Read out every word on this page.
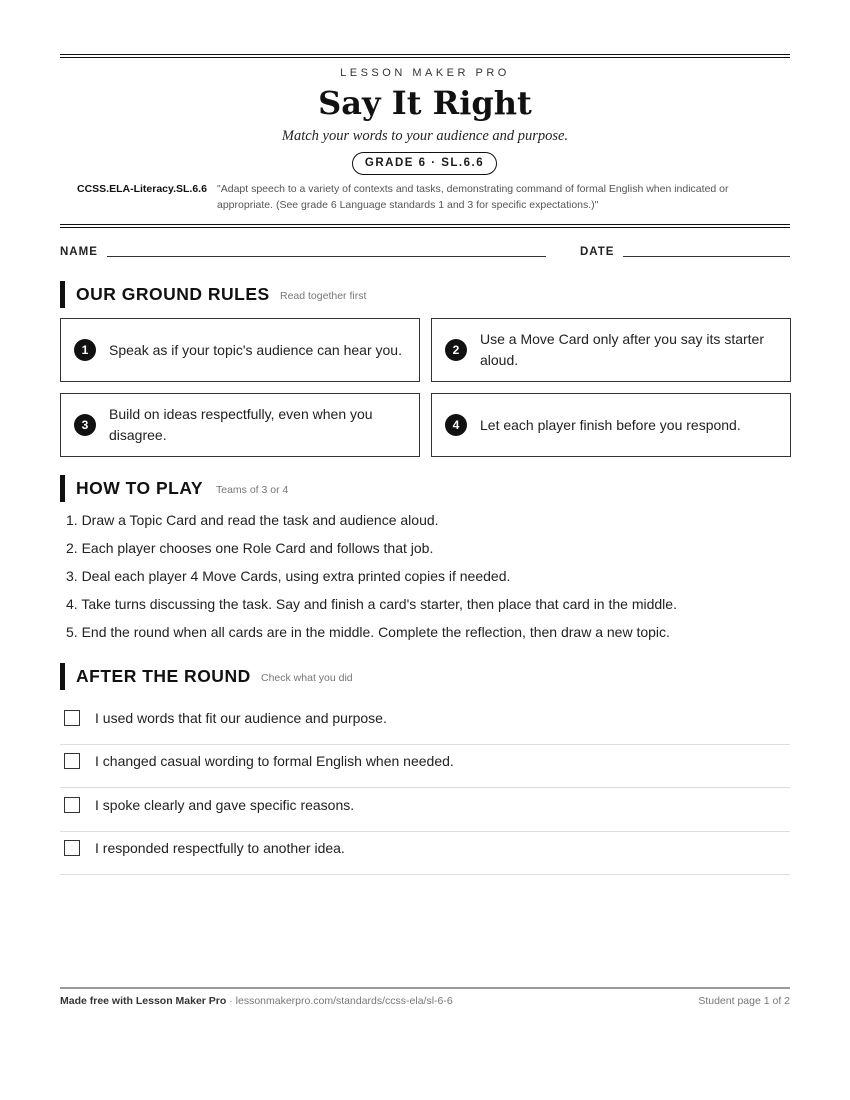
LESSON MAKER PRO
Say It Right
Match your words to your audience and purpose.
GRADE 6 · SL.6.6
CCSS.ELA-Literacy.SL.6.6 "Adapt speech to a variety of contexts and tasks, demonstrating command of formal English when indicated or appropriate. (See grade 6 Language standards 1 and 3 for specific expectations.)"
NAME	DATE
OUR GROUND RULES Read together first
1	Speak as if your topic's audience can hear you.	2
Use a Move Card only after you say its starter aloud.
3
Build on ideas respectfully, even when you disagree.
4	Let each player finish before you respond.
HOW TO PLAY Teams of 3 or 4
1. Draw a Topic Card and read the task and audience aloud.
2. Each player chooses one Role Card and follows that job.
3. Deal each player 4 Move Cards, using extra printed copies if needed.
4. Take turns discussing the task. Say and finish a card's starter, then place that card in the middle.
5. End the round when all cards are in the middle. Complete the reflection, then draw a new topic.
AFTER THE ROUND Check what you did
I used words that fit our audience and purpose.
I changed casual wording to formal English when needed.
I spoke clearly and gave specific reasons.
I responded respectfully to another idea.
Made free with Lesson Maker Pro · lessonmakerpro.com/standards/ccss-ela/sl-6-6	Student page 1 of 2
